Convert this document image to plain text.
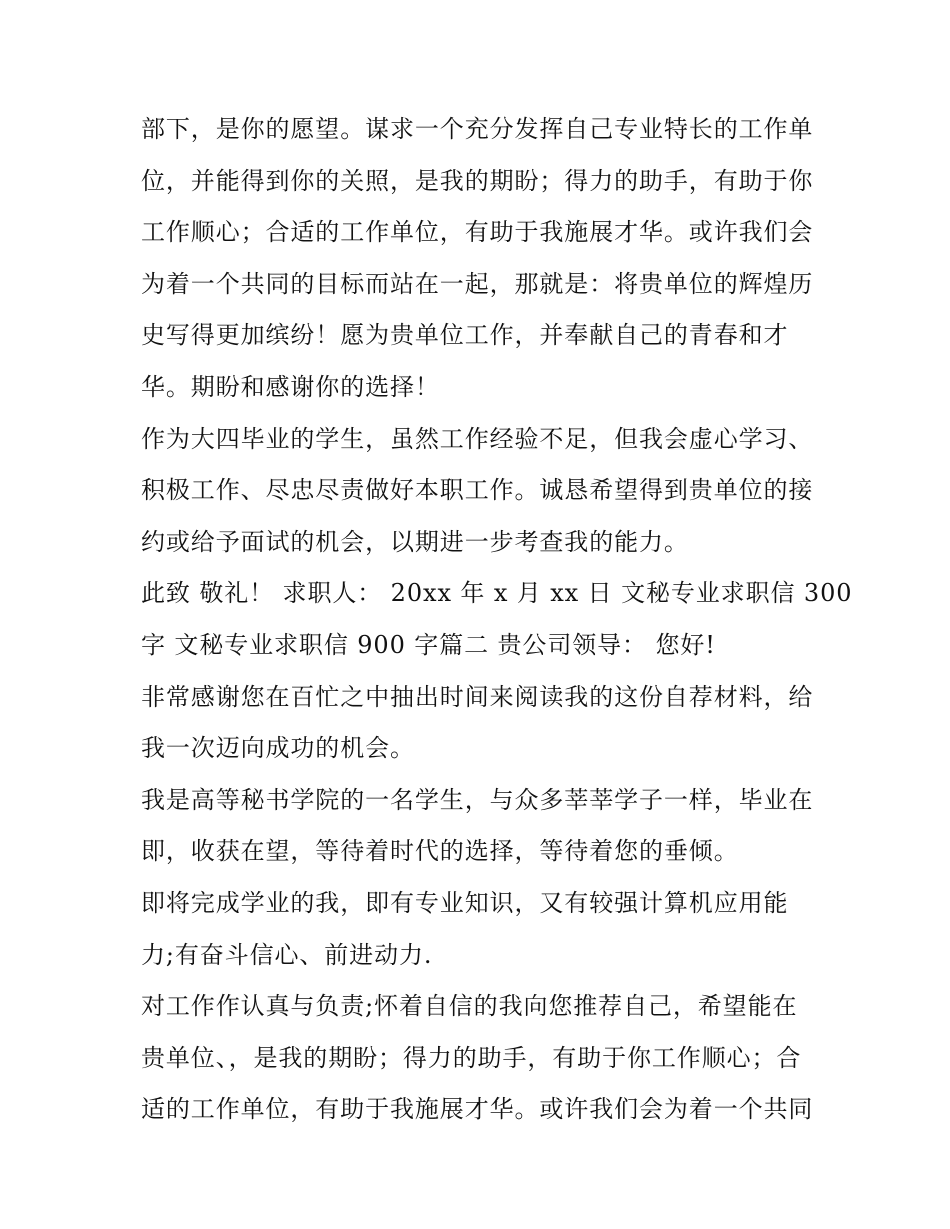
部下，是你的愿望。谋求一个充分发挥自己专业特长的工作单
位，并能得到你的关照，是我的期盼；得力的助手，有助于你
工作顺心；合适的工作单位，有助于我施展才华。或许我们会
为着一个共同的目标而站在一起，那就是：将贵单位的辉煌历
史写得更加缤纷！愿为贵单位工作，并奉献自己的青春和才
华。期盼和感谢你的选择！

作为大四毕业的学生，虽然工作经验不足，但我会虚心学习、
积极工作、尽忠尽责做好本职工作。诚恳希望得到贵单位的接
约或给予面试的机会，以期进一步考查我的能力。

此致 敬礼！ 求职人： 20xx 年 x 月 xx 日 文秘专业求职信 300
字 文秘专业求职信 900 字篇二 贵公司领导： 您好!

非常感谢您在百忙之中抽出时间来阅读我的这份自荐材料，给
我一次迈向成功的机会。

我是高等秘书学院的一名学生，与众多莘莘学子一样，毕业在
即，收获在望，等待着时代的选择，等待着您的垂倾。

即将完成学业的我，即有专业知识，又有较强计算机应用能
力;有奋斗信心、前进动力.

对工作作认真与负责;怀着自信的我向您推荐自己，希望能在
贵单位、，是我的期盼；得力的助手，有助于你工作顺心；合
适的工作单位，有助于我施展才华。或许我们会为着一个共同
